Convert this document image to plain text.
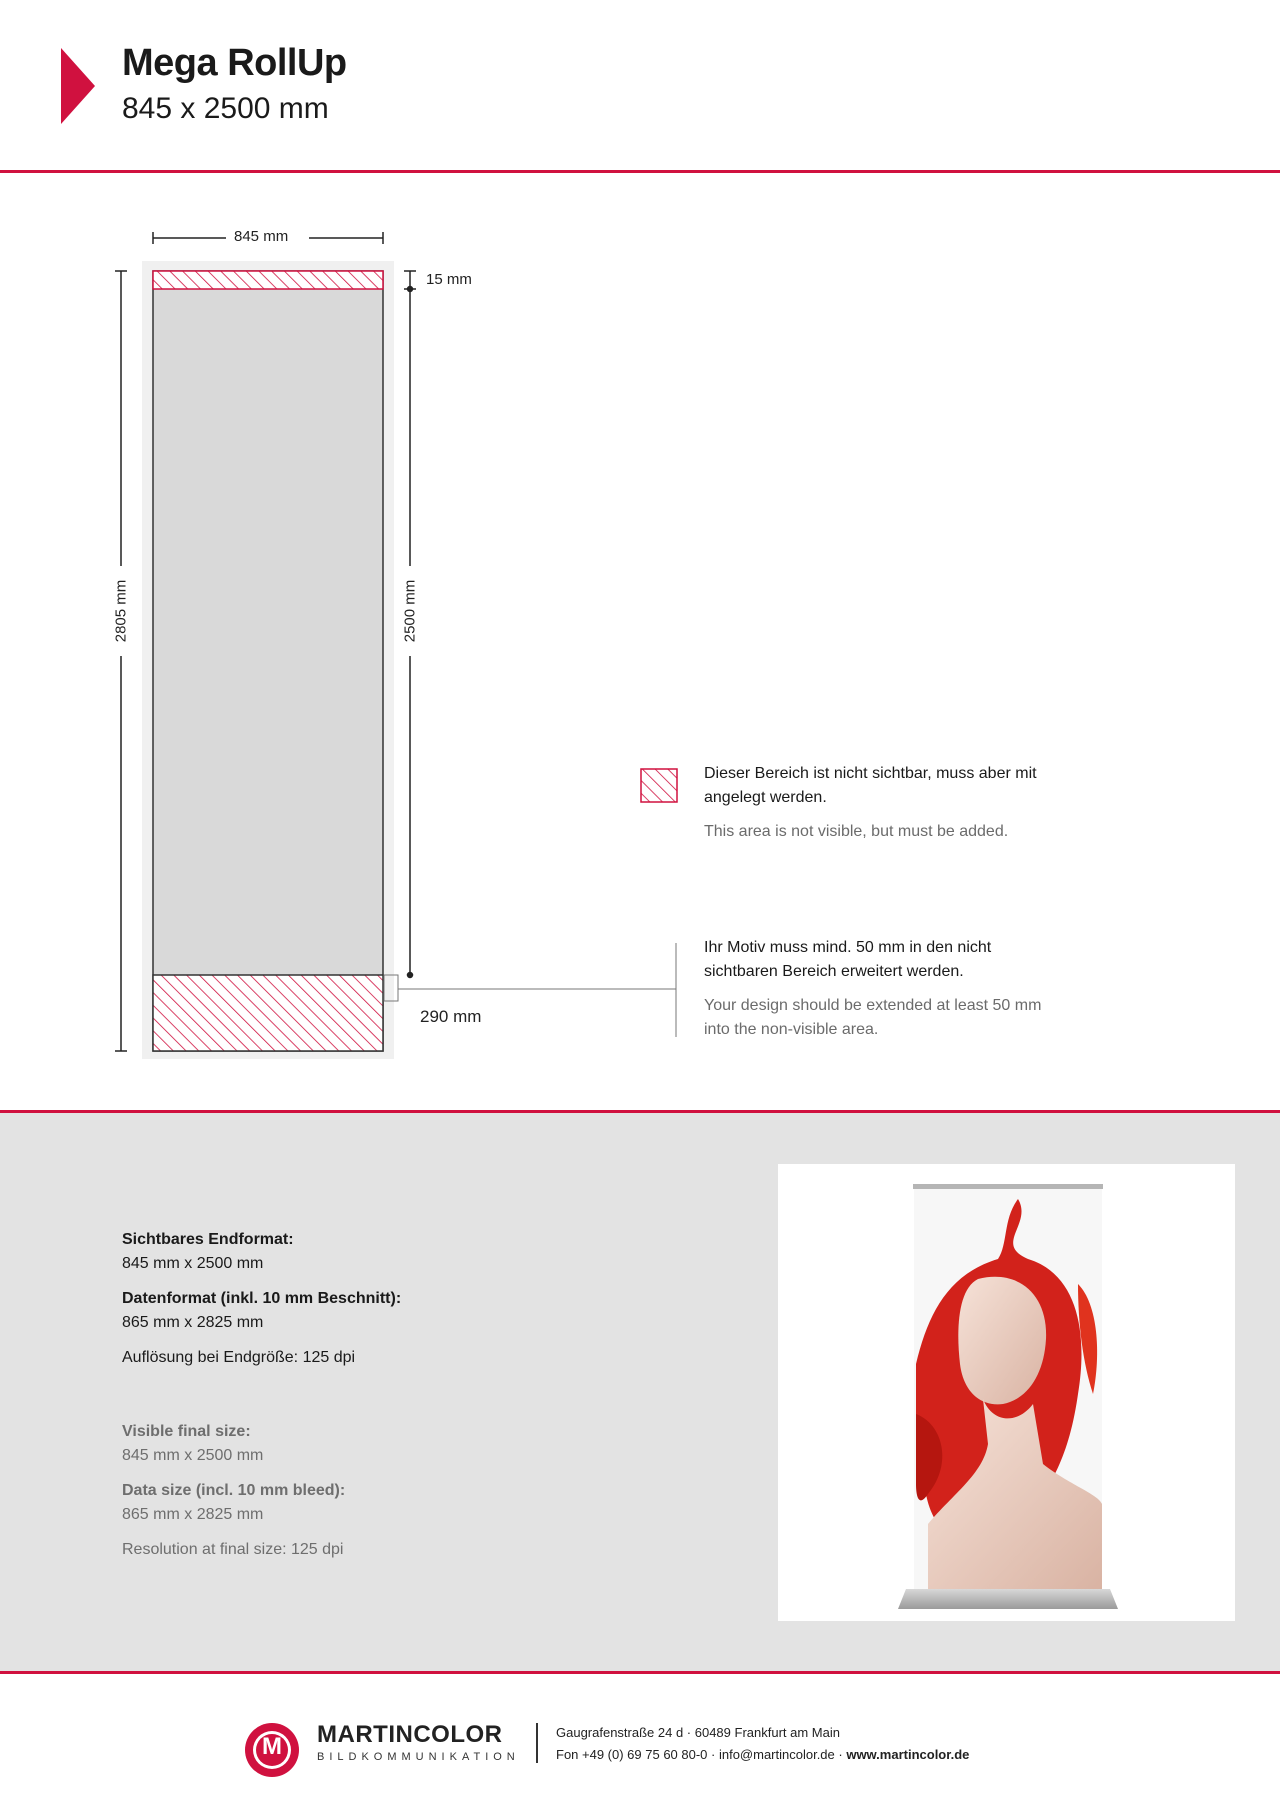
Mega RollUp
845 x 2500 mm
845 mm
15 mm
290 mm
2805 mm	2500 mm
Dieser Bereich ist nicht sichtbar, muss aber mit angelegt werden.
This area is not visible, but must be added.
Ihr Motiv muss mind. 50 mm in den nicht sichtbaren Bereich erweitert werden.
Your design should be extended at least 50 mm into the non-visible area.
Sichtbares Endformat:
845 mm x 2500 mm
Datenformat (inkl. 10 mm Beschnitt):
865 mm x 2825 mm
Auflösung bei Endgröße: 125 dpi
Visible final size:
845 mm x 2500 mm
Data size (incl. 10 mm bleed):
865 mm x 2825 mm
Resolution at final size: 125 dpi
M MARTINCOLOR
BILDKOMMUNIKATION
Gaugrafenstraße 24 d · 60489 Frankfurt am Main
Fon +49 (0) 69 75 60 80-0 · info@martincolor.de · www.martincolor.de
